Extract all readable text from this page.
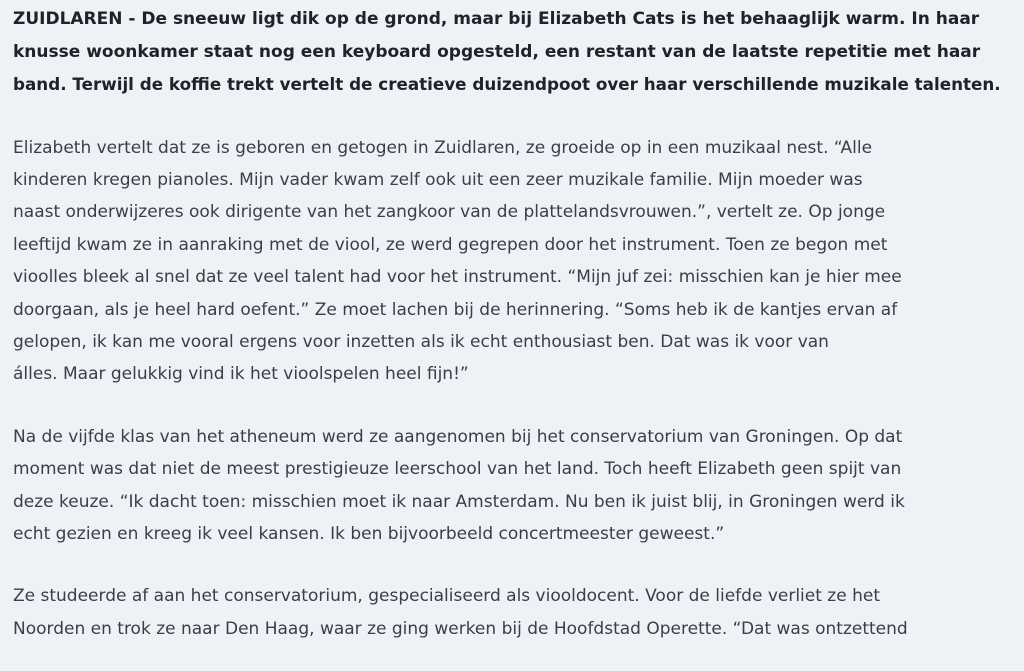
ZUIDLAREN - De sneeuw ligt dik op de grond, maar bij Elizabeth Cats is het behaaglijk warm. In haar
knusse woonkamer staat nog een keyboard opgesteld, een restant van de laatste repetitie met haar
band. Terwijl de koffie trekt vertelt de creatieve duizendpoot over haar verschillende muzikale talenten.

Elizabeth vertelt dat ze is geboren en getogen in Zuidlaren, ze groeide op in een muzikaal nest. “Alle
kinderen kregen pianoles. Mijn vader kwam zelf ook uit een zeer muzikale familie. Mijn moeder was
naast onderwijzeres ook dirigente van het zangkoor van de plattelandsvrouwen.”, vertelt ze. Op jonge
leeftijd kwam ze in aanraking met de viool, ze werd gegrepen door het instrument. Toen ze begon met
vioolles bleek al snel dat ze veel talent had voor het instrument. “Mijn juf zei: misschien kan je hier mee
doorgaan, als je heel hard oefent.” Ze moet lachen bij de herinnering. “Soms heb ik de kantjes ervan af
gelopen, ik kan me vooral ergens voor inzetten als ik echt enthousiast ben. Dat was ik voor van
álles. Maar gelukkig vind ik het vioolspelen heel fijn!”

Na de vijfde klas van het atheneum werd ze aangenomen bij het conservatorium van Groningen. Op dat
moment was dat niet de meest prestigieuze leerschool van het land. Toch heeft Elizabeth geen spijt van
deze keuze. “Ik dacht toen: misschien moet ik naar Amsterdam. Nu ben ik juist blij, in Groningen werd ik
echt gezien en kreeg ik veel kansen. Ik ben bijvoorbeeld concertmeester geweest.”

Ze studeerde af aan het conservatorium, gespecialiseerd als viooldocent. Voor de liefde verliet ze het
Noorden en trok ze naar Den Haag, waar ze ging werken bij de Hoofdstad Operette. “Dat was ontzettend
